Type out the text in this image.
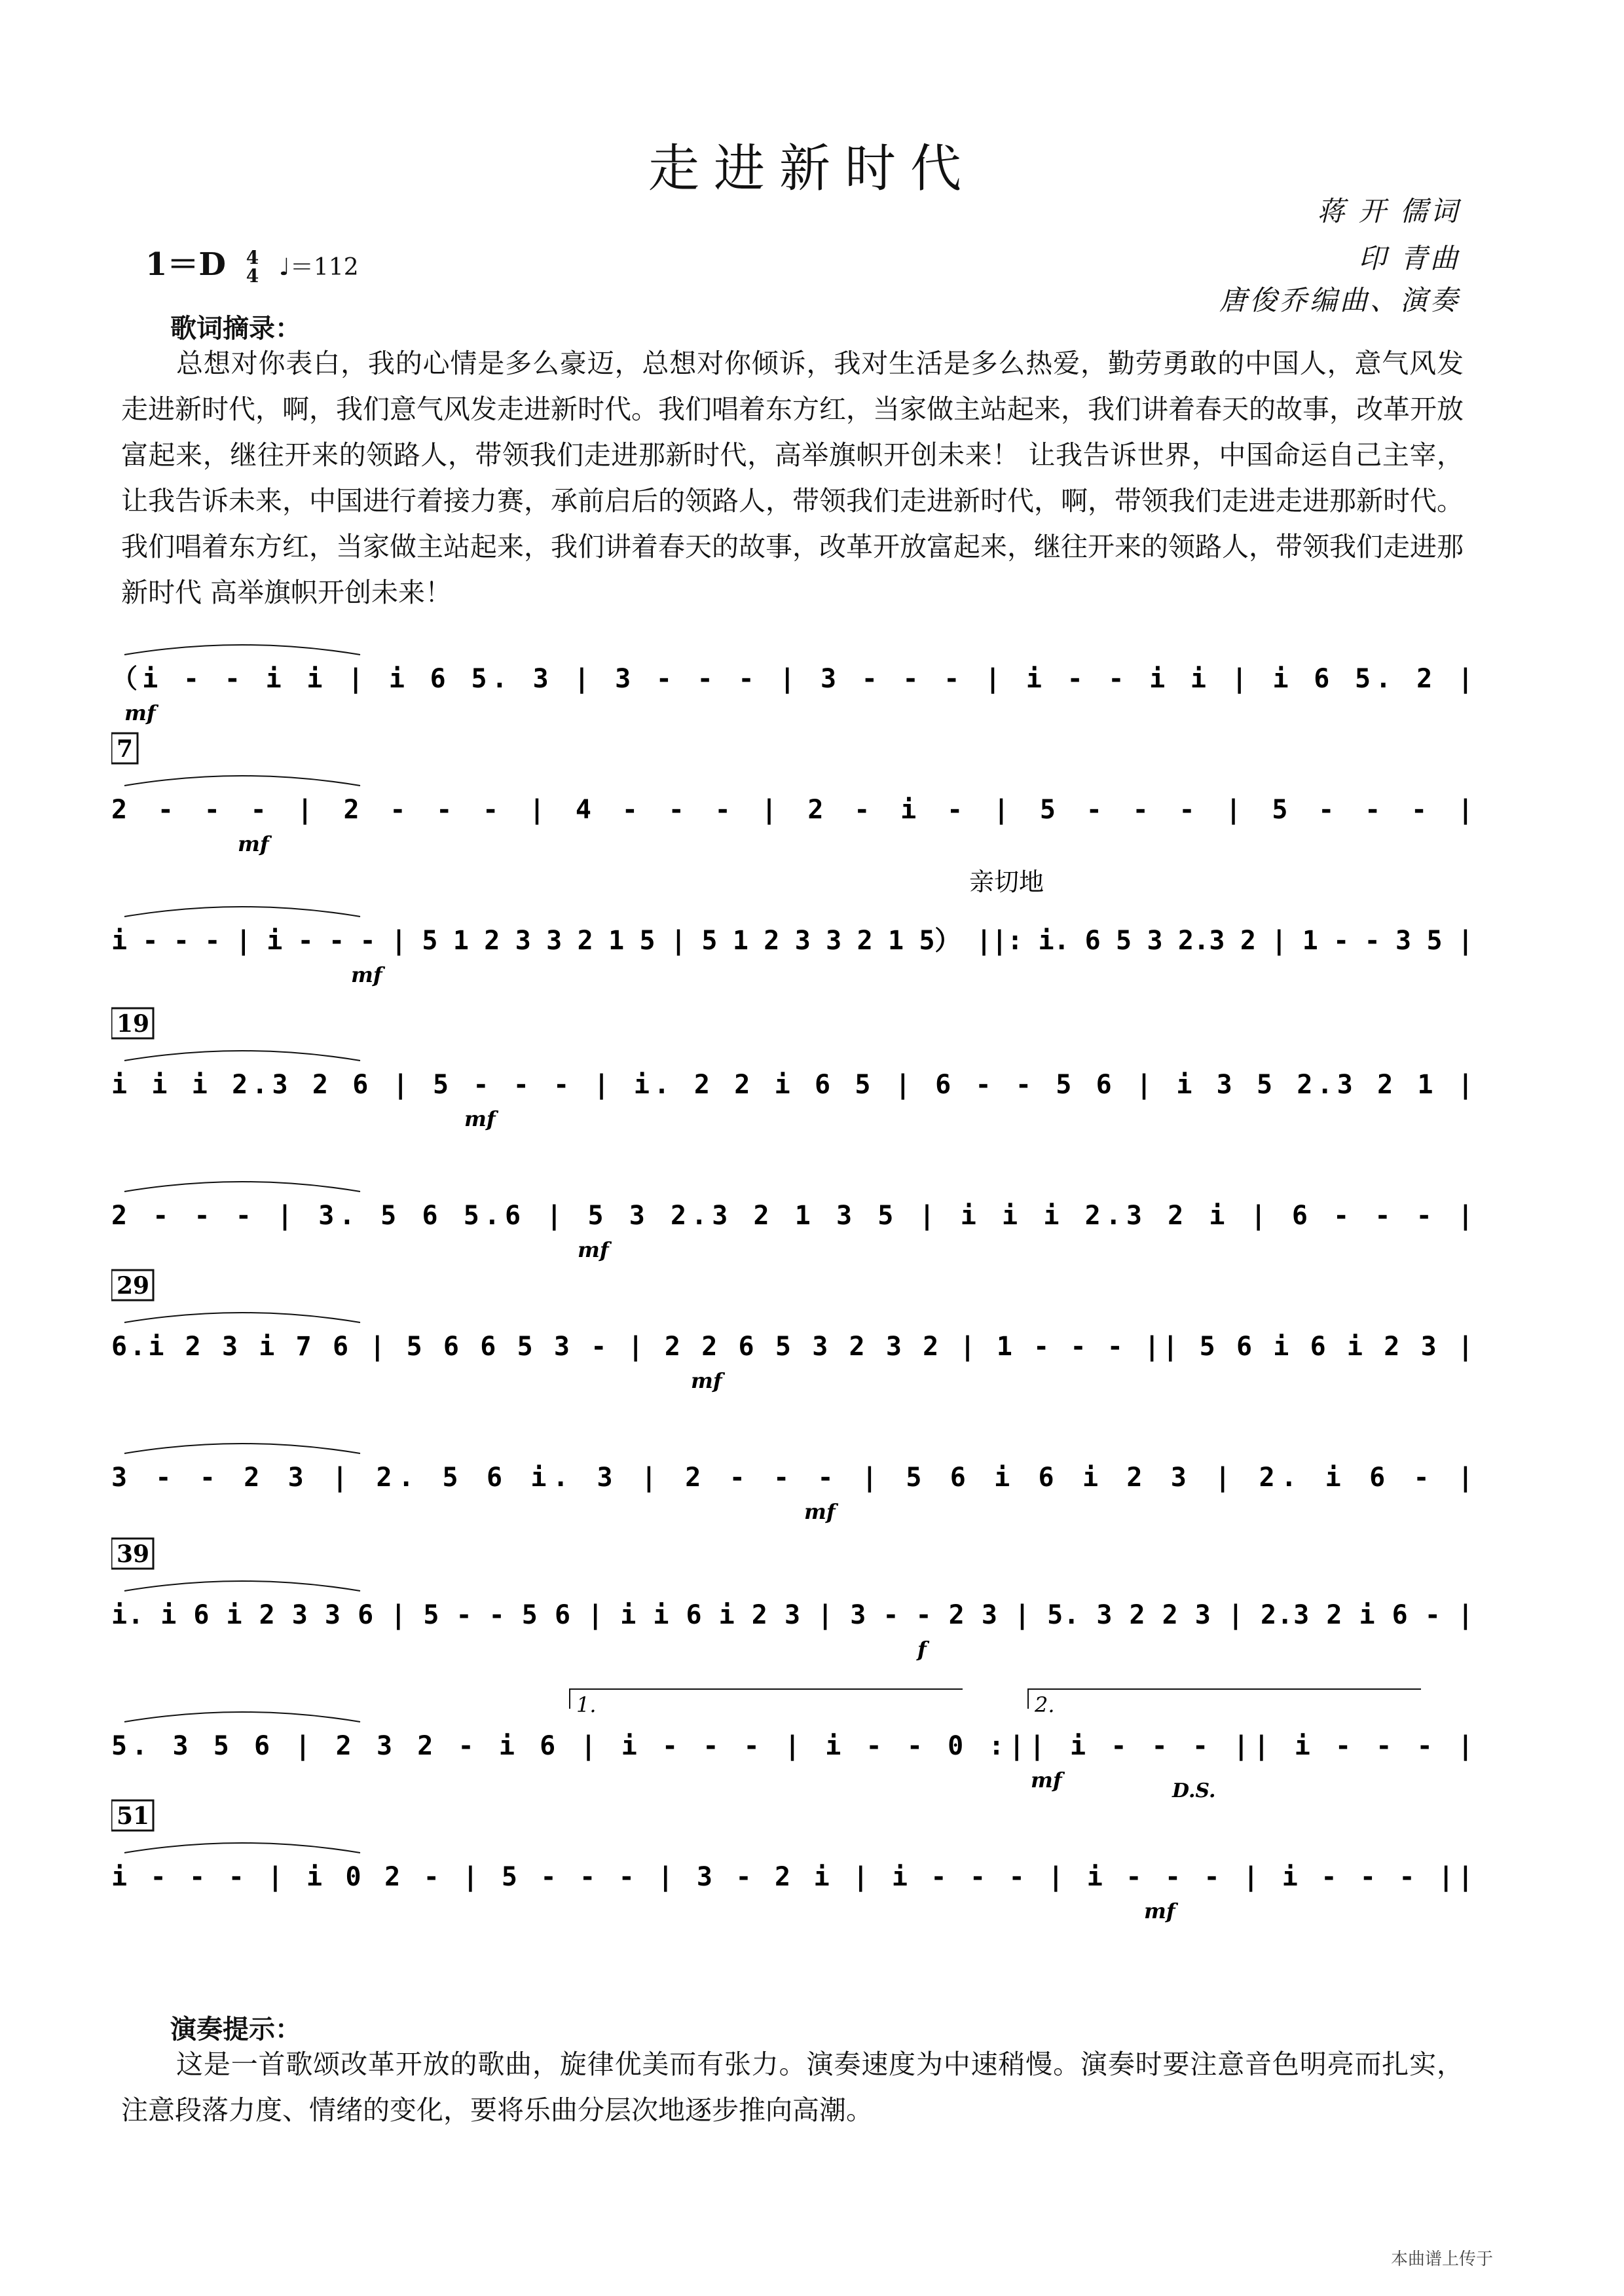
走进新时代
蒋 开 儒词
印 青曲
唐俊乔编曲、演奏
1＝D 4
4 ♩＝112
歌词摘录：
总想对你表白，我的心情是多么豪迈，总想对你倾诉，我对生活是多么热爱，勤劳勇敢的中国人，意气风发走进新时代，啊，我们意气风发走进新时代。我们唱着东方红，当家做主站起来，我们讲着春天的故事，改革开放富起来，继往开来的领路人，带领我们走进那新时代，高举旗帜开创未来！ 让我告诉世界，中国命运自己主宰，让我告诉未来，中国进行着接力赛，承前启后的领路人，带领我们走进新时代，啊，带领我们走进走进那新时代。我们唱着东方红，当家做主站起来，我们讲着春天的故事，改革开放富起来，继往开来的领路人，带领我们走进那新时代 高举旗帜开创未来！
（i - - i i | i 6 5. 3 | 3 - - - | 3 - - - | i - - i i | i 6 5. 2 |
mf
2 - - - | 2 - - - | 4 - - - | 2 - i - | 5 - - - | 5 - - - |
mf
7
i - - - | i - - - | 5 1 2 3 3 2 1 5 | 5 1 2 3 3 2 1 5） ||: i. 6 5 3 2.3 2 | 1 - - 3 5 |
mf
i i i 2.3 2 6 | 5 - - - | i. 2 2 i 6 5 | 6 - - 5 6 | i 3 5 2.3 2 1 |
mf
19
2 - - - | 3. 5 6 5.6 | 5 3 2.3 2 1 3 5 | i i i 2.3 2 i | 6 - - - |
mf
6.i 2 3 i 7 6 | 5 6 6 5 3 - | 2 2 6 5 3 2 3 2 | 1 - - - || 5 6 i 6 i 2 3 |
mf
29
3 - - 2 3 | 2. 5 6 i. 3 | 2 - - - | 5 6 i 6 i 2 3 | 2. i 6 - |
mf
i. i 6 i 2 3 3 6 | 5 - - 5 6 | i i 6 i 2 3 | 3 - - 2 3 | 5. 3 2 2 3 | 2.3 2 i 6 - |
f
39
5. 3 5 6 | 2 3 2 - i 6 | i - - - | i - - 0 :|| i - - - || i - - - |
mf
i - - - | i 0 2 - | 5 - - - | 3 - 2 i | i - - - | i - - - | i - - - ||
mf
51
亲切地
1.	2.
D.S.
演奏提示：
这是一首歌颂改革开放的歌曲，旋律优美而有张力。演奏速度为中速稍慢。演奏时要注意音色明亮而扎实，注意段落力度、情绪的变化，要将乐曲分层次地逐步推向高潮。
本曲谱上传于
